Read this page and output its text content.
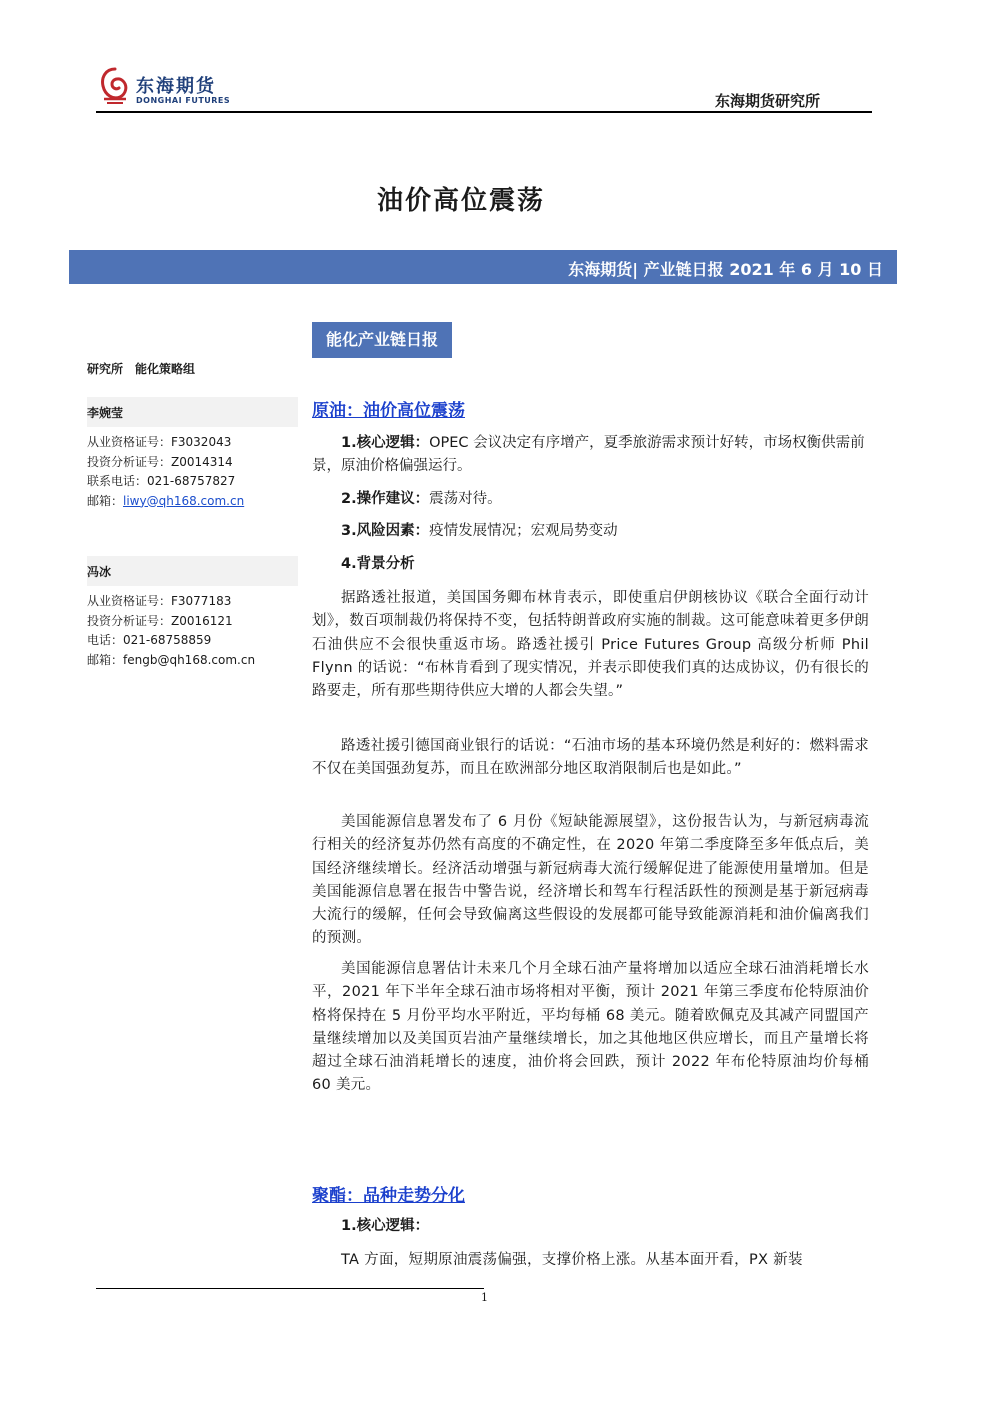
东海期货
DONGHAI FUTURES	东海期货研究所
油价高位震荡
东海期货| 产业链日报 2021 年 6 月 10 日
能化产业链日报
研究所　能化策略组
李婉莹
从业资格证号：F3032043
投资分析证号：Z0014314
联系电话：021-68757827
邮箱：liwy@qh168.com.cn
冯冰
从业资格证号：F3077183
投资分析证号：Z0016121
电话：021-68758859
邮箱：fengb@qh168.com.cn
原油：油价高位震荡

1.核心逻辑：OPEC 会议决定有序增产，夏季旅游需求预计好转，市场权衡供需前景，原油价格偏强运行。

2.操作建议：震荡对待。

3.风险因素：疫情发展情况；宏观局势变动

4.背景分析

据路透社报道，美国国务卿布林肯表示，即使重启伊朗核协议《联合全面行动计划》，数百项制裁仍将保持不变，包括特朗普政府实施的制裁。这可能意味着更多伊朗石油供应不会很快重返市场。路透社援引 Price Futures Group 高级分析师 Phil Flynn 的话说：“布林肯看到了现实情况，并表示即使我们真的达成协议，仍有很长的路要走，所有那些期待供应大增的人都会失望。”

路透社援引德国商业银行的话说：“石油市场的基本环境仍然是利好的：燃料需求不仅在美国强劲复苏，而且在欧洲部分地区取消限制后也是如此。”

美国能源信息署发布了 6 月份《短缺能源展望》，这份报告认为，与新冠病毒流行相关的经济复苏仍然有高度的不确定性，在 2020 年第二季度降至多年低点后，美国经济继续增长。经济活动增强与新冠病毒大流行缓解促进了能源使用量增加。但是美国能源信息署在报告中警告说，经济增长和驾车行程活跃性的预测是基于新冠病毒大流行的缓解，任何会导致偏离这些假设的发展都可能导致能源消耗和油价偏离我们的预测。

美国能源信息署估计未来几个月全球石油产量将增加以适应全球石油消耗增长水平，2021 年下半年全球石油市场将相对平衡，预计 2021 年第三季度布伦特原油价格将保持在 5 月份平均水平附近，平均每桶 68 美元。随着欧佩克及其减产同盟国产量继续增加以及美国页岩油产量继续增长，加之其他地区供应增长，而且产量增长将超过全球石油消耗增长的速度，油价将会回跌，预计 2022 年布伦特原油均价每桶 60 美元。

聚酯：品种走势分化

1.核心逻辑：

TA 方面，短期原油震荡偏强，支撑价格上涨。从基本面开看，PX 新装

1
